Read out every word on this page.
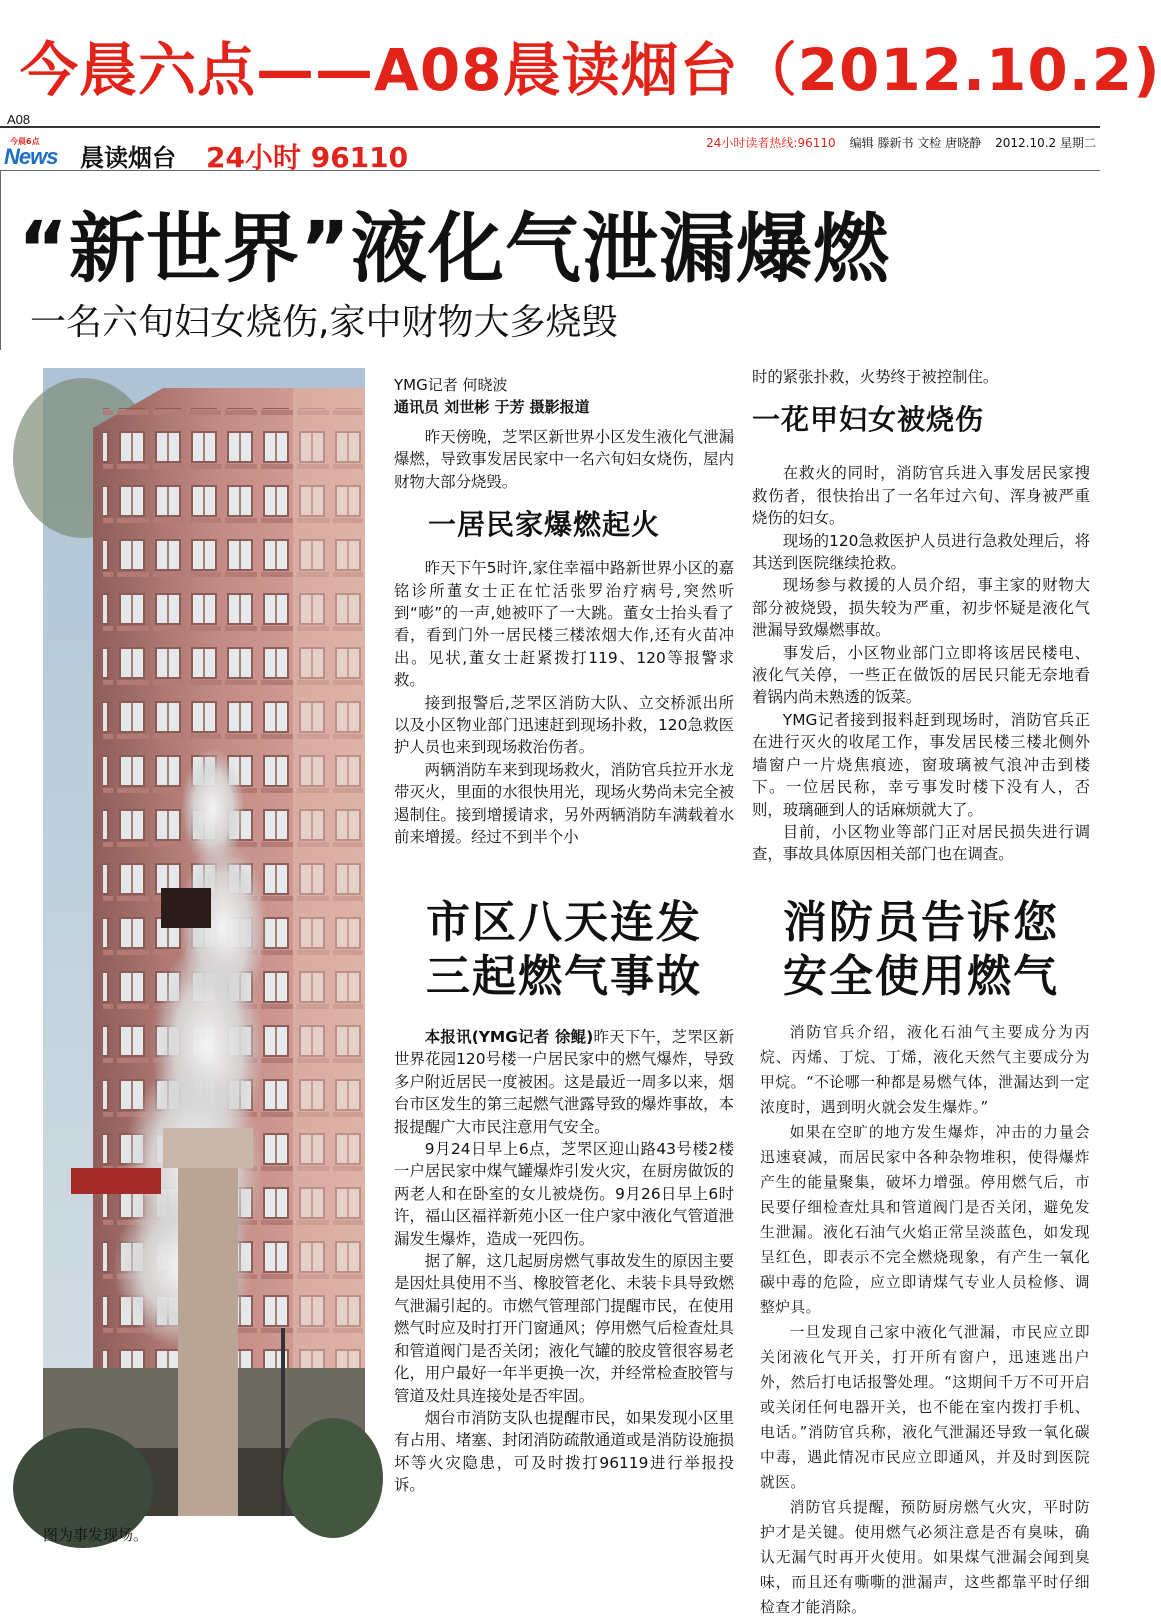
今晨六点——A08晨读烟台（2012.10.2)
A08
今晨6点
News 晨读烟台 24小时 96110	24小时读者热线:96110 编辑 滕新书 文检 唐晓静 2012.10.2 星期二
“新世界”液化气泄漏爆燃
一名六旬妇女烧伤,家中财物大多烧毁
图为事发现场。
YMG记者 何晓波
通讯员 刘世彬 于芳 摄影报道

昨天傍晚，芝罘区新世界小区发生液化气泄漏爆燃，导致事发居民家中一名六旬妇女烧伤，屋内财物大部分烧毁。

一居民家爆燃起火

昨天下午5时许,家住幸福中路新世界小区的嘉铭诊所董女士正在忙活张罗治疗病号,突然听到“嘭”的一声,她被吓了一大跳。董女士抬头看了看，看到门外一居民楼三楼浓烟大作,还有火苗冲出。见状,董女士赶紧拨打119、120等报警求救。

接到报警后,芝罘区消防大队、立交桥派出所以及小区物业部门迅速赶到现场扑救，120急救医护人员也来到现场救治伤者。

两辆消防车来到现场救火，消防官兵拉开水龙带灭火，里面的水很快用光，现场火势尚未完全被遏制住。接到增援请求，另外两辆消防车满载着水前来增援。经过不到半个小

时的紧张扑救，火势终于被控制住。

一花甲妇女被烧伤

在救火的同时，消防官兵进入事发居民家搜救伤者，很快抬出了一名年过六旬、浑身被严重烧伤的妇女。

现场的120急救医护人员进行急救处理后，将其送到医院继续抢救。

现场参与救援的人员介绍，事主家的财物大部分被烧毁，损失较为严重，初步怀疑是液化气泄漏导致爆燃事故。

事发后，小区物业部门立即将该居民楼电、液化气关停，一些正在做饭的居民只能无奈地看着锅内尚未熟透的饭菜。

YMG记者接到报料赶到现场时，消防官兵正在进行灭火的收尾工作，事发居民楼三楼北侧外墙窗户一片烧焦痕迹，窗玻璃被气浪冲击到楼下。一位居民称，幸亏事发时楼下没有人，否则，玻璃砸到人的话麻烦就大了。

目前，小区物业等部门正对居民损失进行调查，事故具体原因相关部门也在调查。

市区八天连发
三起燃气事故

本报讯(YMG记者 徐鲲)昨天下午，芝罘区新世界花园120号楼一户居民家中的燃气爆炸，导致多户附近居民一度被困。这是最近一周多以来，烟台市区发生的第三起燃气泄露导致的爆炸事故，本报提醒广大市民注意用气安全。

9月24日早上6点，芝罘区迎山路43号楼2楼一户居民家中煤气罐爆炸引发火灾，在厨房做饭的两老人和在卧室的女儿被烧伤。9月26日早上6时许，福山区福祥新苑小区一住户家中液化气管道泄漏发生爆炸，造成一死四伤。

据了解，这几起厨房燃气事故发生的原因主要是因灶具使用不当、橡胶管老化、未装卡具导致燃气泄漏引起的。市燃气管理部门提醒市民，在使用燃气时应及时打开门窗通风；停用燃气后检查灶具和管道阀门是否关闭；液化气罐的胶皮管很容易老化，用户最好一年半更换一次，并经常检查胶管与管道及灶具连接处是否牢固。

烟台市消防支队也提醒市民，如果发现小区里有占用、堵塞、封闭消防疏散通道或是消防设施损坏等火灾隐患，可及时拨打96119进行举报投诉。

消防员告诉您
安全使用燃气

消防官兵介绍，液化石油气主要成分为丙烷、丙烯、丁烷、丁烯，液化天然气主要成分为甲烷。“不论哪一种都是易燃气体，泄漏达到一定浓度时，遇到明火就会发生爆炸。”

如果在空旷的地方发生爆炸，冲击的力量会迅速衰减，而居民家中各种杂物堆积，使得爆炸产生的能量聚集，破坏力增强。停用燃气后，市民要仔细检查灶具和管道阀门是否关闭，避免发生泄漏。液化石油气火焰正常呈淡蓝色，如发现呈红色，即表示不完全燃烧现象，有产生一氧化碳中毒的危险，应立即请煤气专业人员检修、调整炉具。

一旦发现自己家中液化气泄漏，市民应立即关闭液化气开关，打开所有窗户，迅速逃出户外，然后打电话报警处理。“这期间千万不可开启或关闭任何电器开关，也不能在室内拨打手机、电话。”消防官兵称，液化气泄漏还导致一氧化碳中毒，遇此情况市民应立即通风，并及时到医院就医。

消防官兵提醒，预防厨房燃气火灾，平时防护才是关键。使用燃气必须注意是否有臭味，确认无漏气时再开火使用。如果煤气泄漏会闻到臭味，而且还有嘶嘶的泄漏声，这些都靠平时仔细检查才能消除。
